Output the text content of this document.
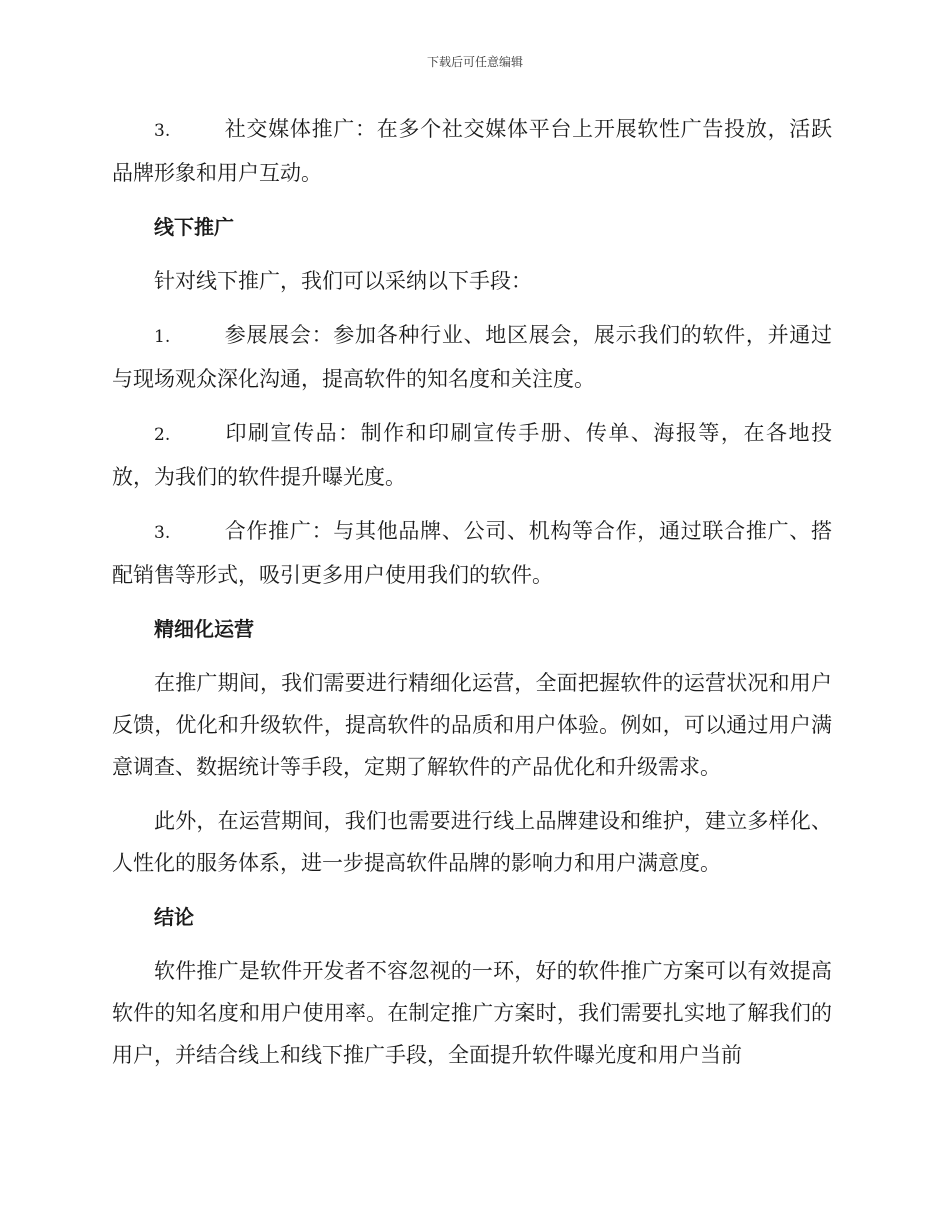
下载后可任意编辑

3.	社交媒体推广：在多个社交媒体平台上开展软性广告投放，活跃品牌形象和用户互动。

线下推广

针对线下推广，我们可以采纳以下手段：

1.	参展展会：参加各种行业、地区展会，展示我们的软件，并通过与现场观众深化沟通，提高软件的知名度和关注度。

2.	印刷宣传品：制作和印刷宣传手册、传单、海报等，在各地投放，为我们的软件提升曝光度。

3.	合作推广：与其他品牌、公司、机构等合作，通过联合推广、搭配销售等形式，吸引更多用户使用我们的软件。

精细化运营

在推广期间，我们需要进行精细化运营，全面把握软件的运营状况和用户反馈，优化和升级软件，提高软件的品质和用户体验。例如，可以通过用户满意调查、数据统计等手段，定期了解软件的产品优化和升级需求。

此外，在运营期间，我们也需要进行线上品牌建设和维护，建立多样化、人性化的服务体系，进一步提高软件品牌的影响力和用户满意度。

结论

软件推广是软件开发者不容忽视的一环，好的软件推广方案可以有效提高软件的知名度和用户使用率。在制定推广方案时，我们需要扎实地了解我们的用户，并结合线上和线下推广手段，全面提升软件曝光度和用户当前
